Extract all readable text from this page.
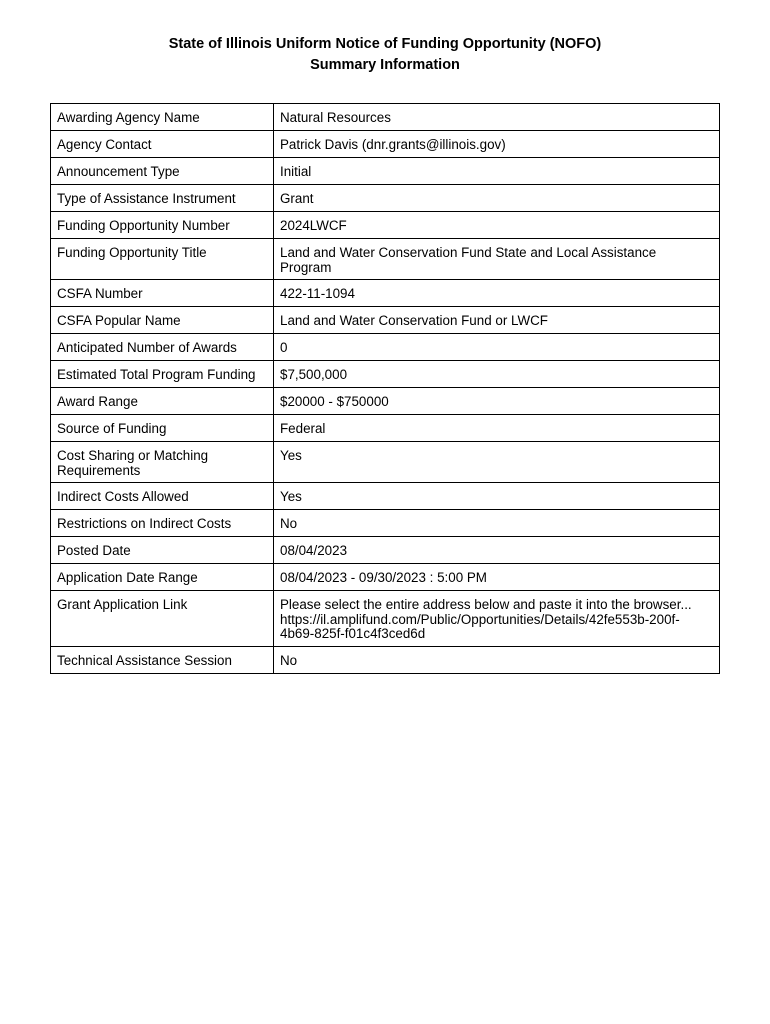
State of Illinois Uniform Notice of Funding Opportunity (NOFO)
Summary Information
Awarding Agency Name	Natural Resources
Agency Contact	Patrick Davis (dnr.grants@illinois.gov)
Announcement Type	Initial
Type of Assistance Instrument	Grant
Funding Opportunity Number	2024LWCF
Funding Opportunity Title	Land and Water Conservation Fund State and Local Assistance
Program

CSFA Number	422-11-1094
CSFA Popular Name	Land and Water Conservation Fund or LWCF
Anticipated Number of Awards	0
Estimated Total Program Funding	$7,500,000
Award Range	$20000 - $750000
Source of Funding	Federal

Cost Sharing or Matching
Requirements	Yes
Indirect Costs Allowed	Yes
Restrictions on Indirect Costs	No
Posted Date	08/04/2023
Application Date Range	08/04/2023 - 09/30/2023 : 5:00 PM
Grant Application Link	Please select the entire address below and paste it into the browser...
https://il.amplifund.com/Public/Opportunities/Details/42fe553b-200f-
4b69-825f-f01c4f3ced6d

Technical Assistance Session	No
